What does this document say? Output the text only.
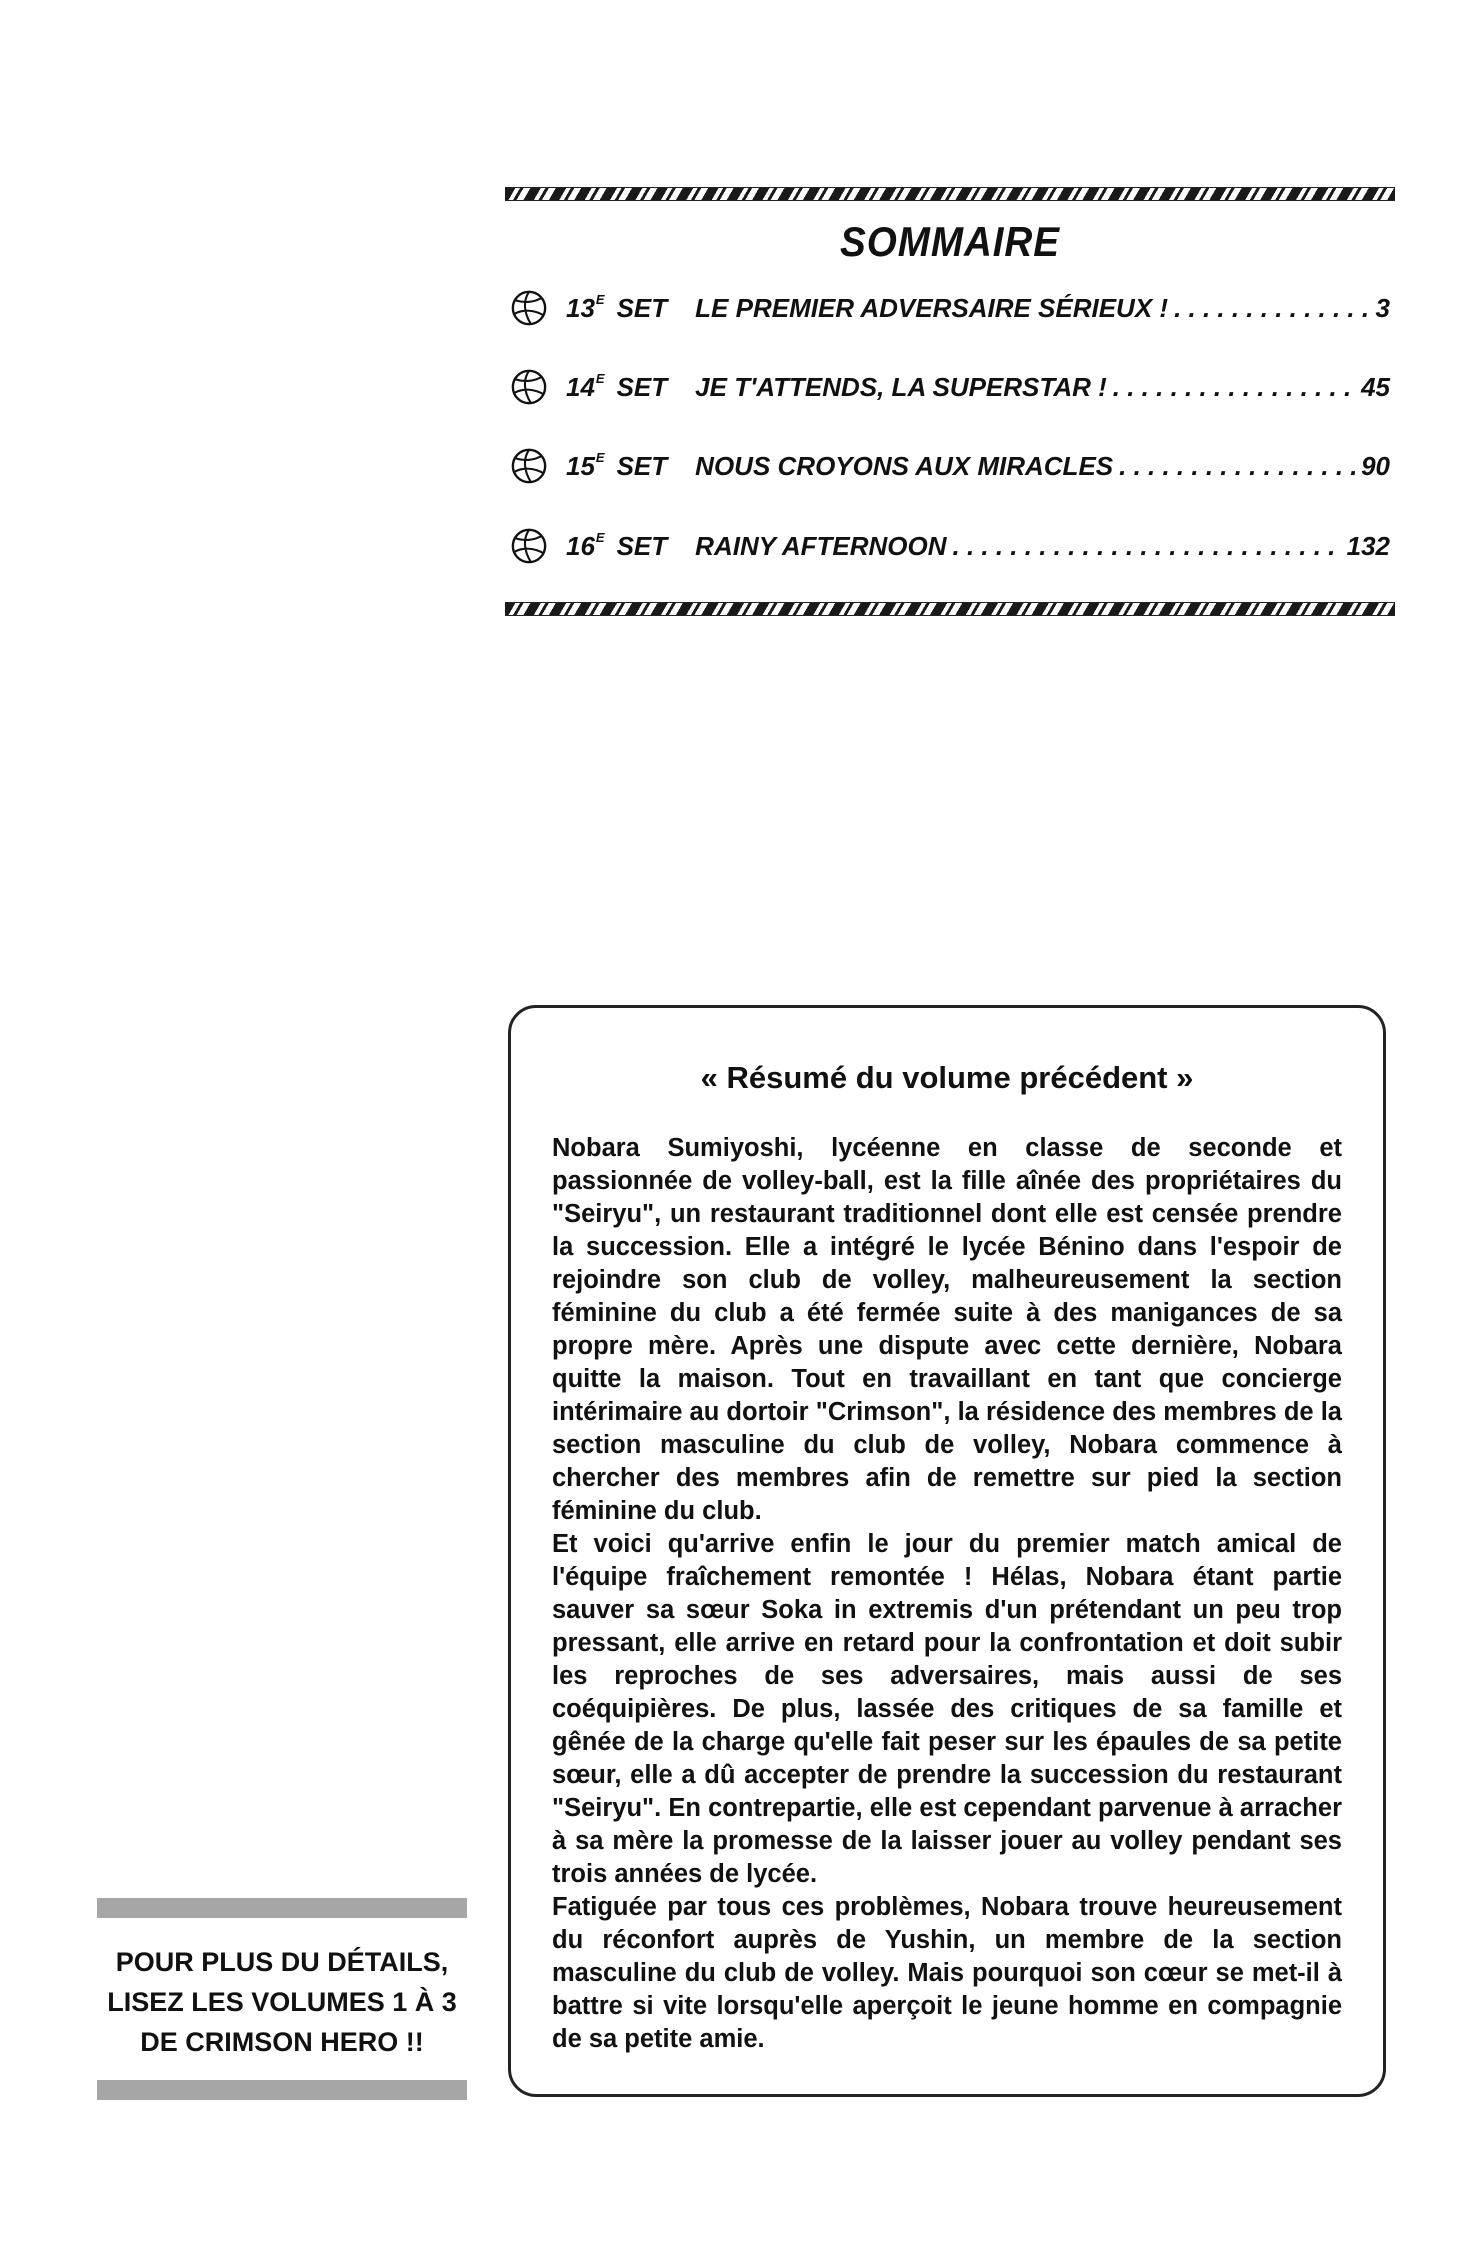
SOMMAIRE
$13^E$ SET LE PREMIER ADVERSAIRE SÉRIEUX ! . . .	3
$14^E$ SET JE T'ATTENDS, LA SUPERSTAR ! . . .	45
$15^E$ SET NOUS CROYONS AUX MIRACLES . . .	90
$16^E$ SET RAINY AFTERNOON . . .	132
« Résumé du volume précédent »

Nobara Sumiyoshi, lycéenne en classe de seconde et passionnée de volley-ball, est la fille aînée des propriétaires du "Seiryu", un restaurant traditionnel dont elle est censée prendre la succession. Elle a intégré le lycée Bénino dans l'espoir de rejoindre son club de volley, malheureusement la section féminine du club a été fermée suite à des manigances de sa propre mère. Après une dispute avec cette dernière, Nobara quitte la maison. Tout en travaillant en tant que concierge intérimaire au dortoir "Crimson", la résidence des membres de la section masculine du club de volley, Nobara commence à chercher des membres afin de remettre sur pied la section féminine du club.

Et voici qu'arrive enfin le jour du premier match amical de l'équipe fraîchement remontée ! Hélas, Nobara étant partie sauver sa sœur Soka in extremis d'un prétendant un peu trop pressant, elle arrive en retard pour la confrontation et doit subir les reproches de ses adversaires, mais aussi de ses coéquipières. De plus, lassée des critiques de sa famille et gênée de la charge qu'elle fait peser sur les épaules de sa petite sœur, elle a dû accepter de prendre la succession du restaurant "Seiryu". En contrepartie, elle est cependant parvenue à arracher à sa mère la promesse de la laisser jouer au volley pendant ses trois années de lycée.

Fatiguée par tous ces problèmes, Nobara trouve heureusement du réconfort auprès de Yushin, un membre de la section masculine du club de volley. Mais pourquoi son cœur se met-il à battre si vite lorsqu'elle aperçoit le jeune homme en compagnie de sa petite amie.

POUR PLUS DU DÉTAILS,
LISEZ LES VOLUMES 1 À 3
DE CRIMSON HERO !!
